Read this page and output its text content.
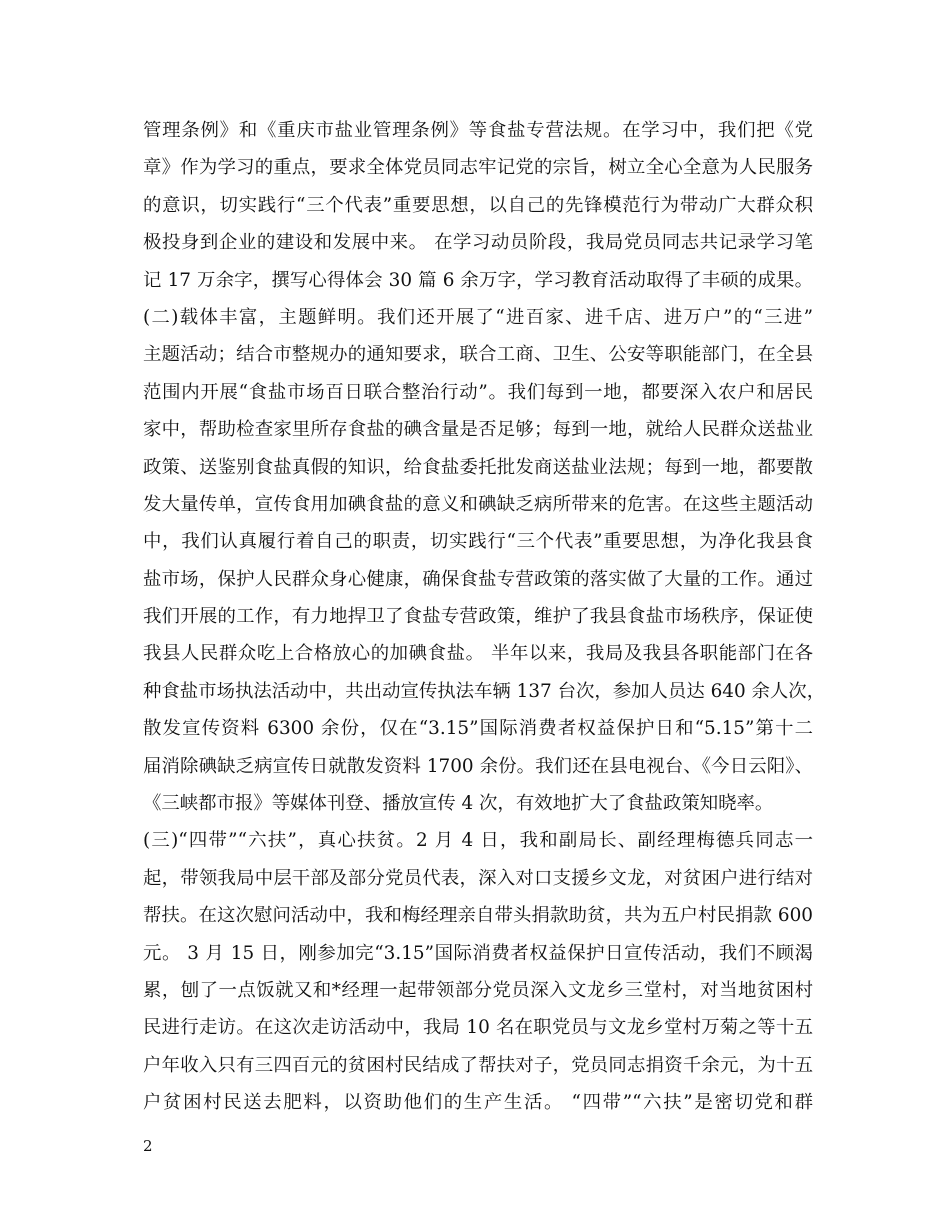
管理条例》和《重庆市盐业管理条例》等食盐专营法规。在学习中，我们把《党
章》作为学习的重点，要求全体党员同志牢记党的宗旨，树立全心全意为人民服务
的意识，切实践行“三个代表”重要思想，以自己的先锋模范行为带动广大群众积
极投身到企业的建设和发展中来。 在学习动员阶段，我局党员同志共记录学习笔
记 17 万余字，撰写心得体会 30 篇 6 余万字，学习教育活动取得了丰硕的成果。
(二)载体丰富，主题鲜明。我们还开展了“进百家、进千店、进万户”的“三进”
主题活动；结合市整规办的通知要求，联合工商、卫生、公安等职能部门，在全县
范围内开展“食盐市场百日联合整治行动”。我们每到一地，都要深入农户和居民
家中，帮助检查家里所存食盐的碘含量是否足够；每到一地，就给人民群众送盐业
政策、送鉴别食盐真假的知识，给食盐委托批发商送盐业法规；每到一地，都要散
发大量传单，宣传食用加碘食盐的意义和碘缺乏病所带来的危害。在这些主题活动
中，我们认真履行着自己的职责，切实践行“三个代表”重要思想，为净化我县食
盐市场，保护人民群众身心健康，确保食盐专营政策的落实做了大量的工作。通过
我们开展的工作，有力地捍卫了食盐专营政策，维护了我县食盐市场秩序，保证使
我县人民群众吃上合格放心的加碘食盐。 半年以来，我局及我县各职能部门在各
种食盐市场执法活动中，共出动宣传执法车辆 137 台次，参加人员达 640 余人次，
散发宣传资料 6300 余份，仅在“3.15”国际消费者权益保护日和“5.15”第十二
届消除碘缺乏病宣传日就散发资料 1700 余份。我们还在县电视台、《今日云阳》、
《三峡都市报》等媒体刊登、播放宣传 4 次，有效地扩大了食盐政策知晓率。
(三)“四带”“六扶”，真心扶贫。2 月 4 日，我和副局长、副经理梅德兵同志一
起，带领我局中层干部及部分党员代表，深入对口支援乡文龙，对贫困户进行结对
帮扶。在这次慰问活动中，我和梅经理亲自带头捐款助贫，共为五户村民捐款 600
元。 3 月 15 日，刚参加完“3.15”国际消费者权益保护日宣传活动，我们不顾渴
累，刨了一点饭就又和*经理一起带领部分党员深入文龙乡三堂村，对当地贫困村
民进行走访。在这次走访活动中，我局 10 名在职党员与文龙乡堂村万菊之等十五
户年收入只有三四百元的贫困村民结成了帮扶对子，党员同志捐资千余元，为十五
户贫困村民送去肥料，以资助他们的生产生活。 “四带”“六扶”是密切党和群
2
